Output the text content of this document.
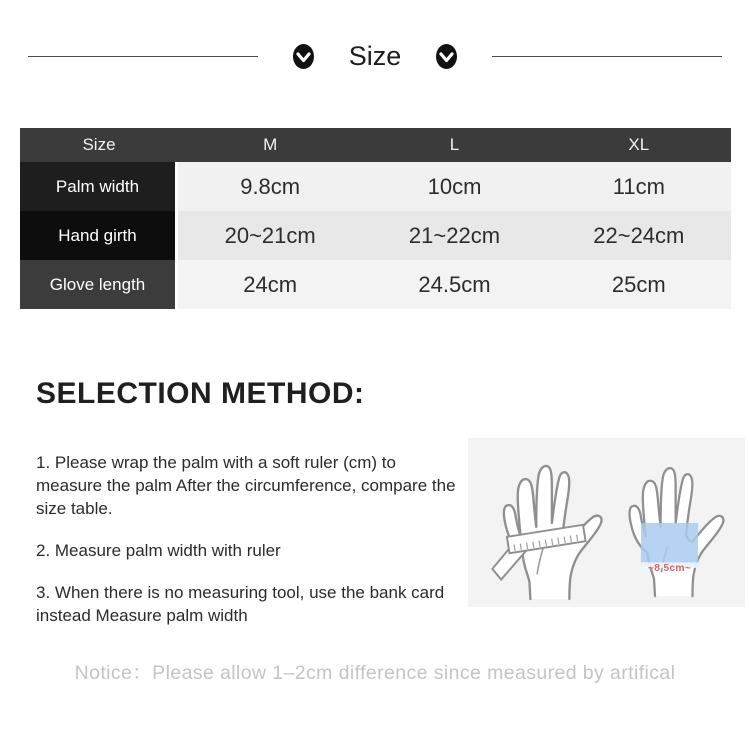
Size
Size	M	L	XL
Palm width	9.8cm	10cm	11cm
Hand girth	20~21cm	21~22cm	22~24cm
Glove length	24cm	24.5cm	25cm
SELECTION METHOD:

1. Please wrap the palm with a soft ruler (cm) to measure the palm After the circumference, compare the size table.

2. Measure palm width with ruler

3. When there is no measuring tool, use the bank card instead Measure palm width

~8.5cm~
Notice：Please allow 1–2cm difference since measured by artifical
